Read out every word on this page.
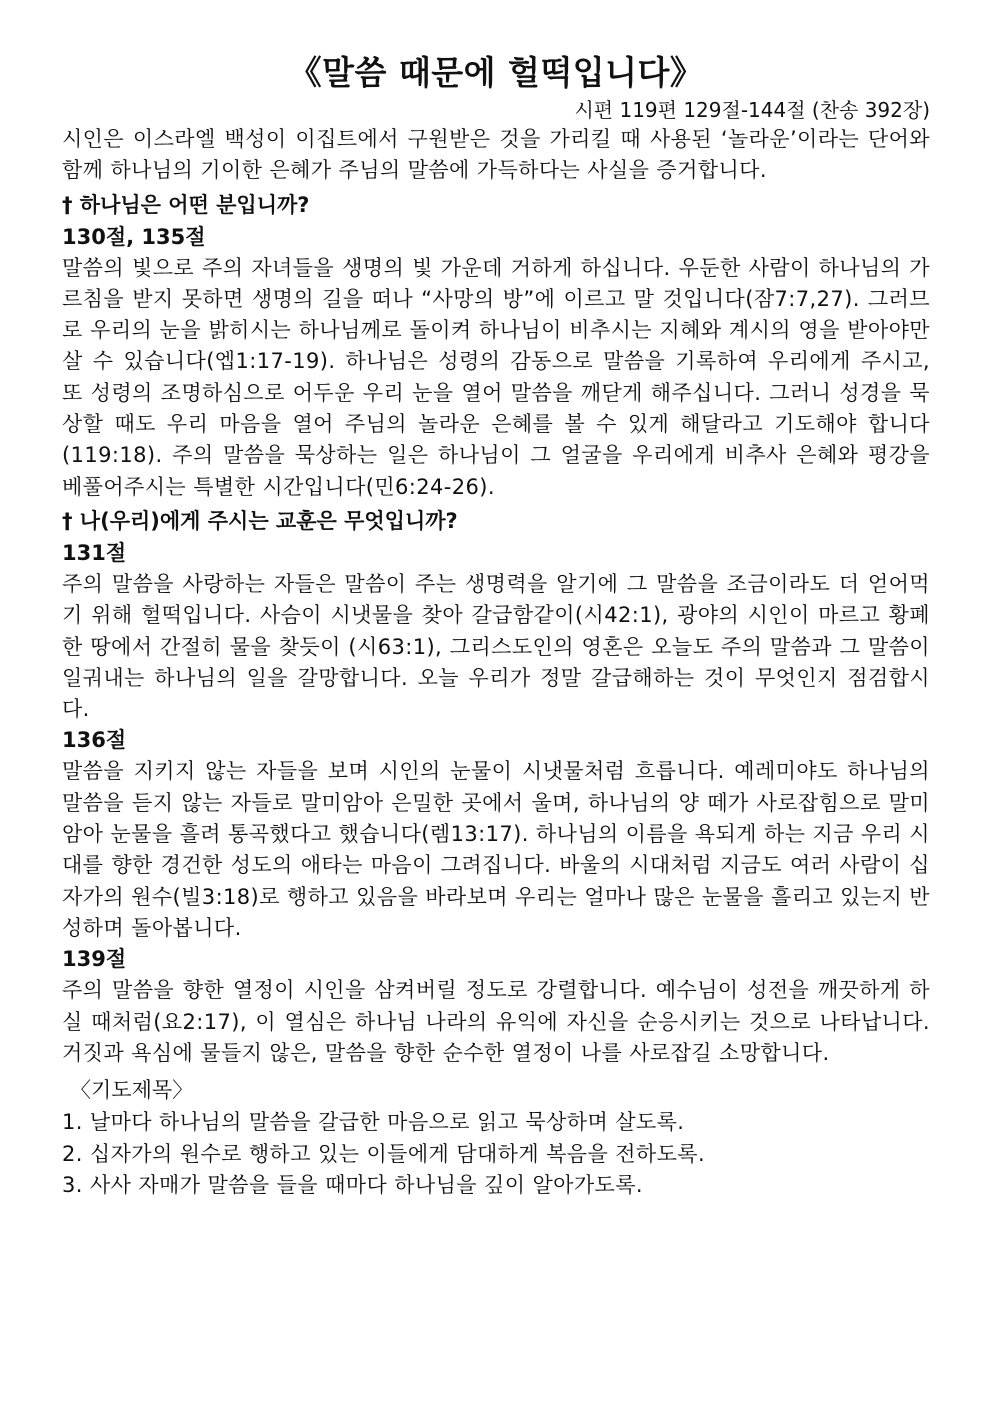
《말씀 때문에 헐떡입니다》
시편 119편 129절-144절 (찬송 392장)

시인은 이스라엘 백성이 이집트에서 구원받은 것을 가리킬 때 사용된 ‘놀라운’이라는 단어와 함께 하나님의 기이한 은혜가 주님의 말씀에 가득하다는 사실을 증거합니다.

† 하나님은 어떤 분입니까?
130절, 135절

말씀의 빛으로 주의 자녀들을 생명의 빛 가운데 거하게 하십니다. 우둔한 사람이 하나님의 가르침을 받지 못하면 생명의 길을 떠나 “사망의 방”에 이르고 말 것입니다(잠7:7,27). 그러므로 우리의 눈을 밝히시는 하나님께로 돌이켜 하나님이 비추시는 지혜와 계시의 영을 받아야만 살 수 있습니다(엡1:17-19). 하나님은 성령의 감동으로 말씀을 기록하여 우리에게 주시고, 또 성령의 조명하심으로 어두운 우리 눈을 열어 말씀을 깨닫게 해주십니다. 그러니 성경을 묵상할 때도 우리 마음을 열어 주님의 놀라운 은혜를 볼 수 있게 해달라고 기도해야 합니다(119:18). 주의 말씀을 묵상하는 일은 하나님이 그 얼굴을 우리에게 비추사 은혜와 평강을 베풀어주시는 특별한 시간입니다(민6:24-26).

† 나(우리)에게 주시는 교훈은 무엇입니까?
131절

주의 말씀을 사랑하는 자들은 말씀이 주는 생명력을 알기에 그 말씀을 조금이라도 더 얻어먹기 위해 헐떡입니다. 사슴이 시냇물을 찾아 갈급함같이(시42:1), 광야의 시인이 마르고 황폐한 땅에서 간절히 물을 찾듯이 (시63:1), 그리스도인의 영혼은 오늘도 주의 말씀과 그 말씀이 일궈내는 하나님의 일을 갈망합니다. 오늘 우리가 정말 갈급해하는 것이 무엇인지 점검합시다.

136절

말씀을 지키지 않는 자들을 보며 시인의 눈물이 시냇물처럼 흐릅니다. 예레미야도 하나님의 말씀을 듣지 않는 자들로 말미암아 은밀한 곳에서 울며, 하나님의 양 떼가 사로잡힘으로 말미암아 눈물을 흘려 통곡했다고 했습니다(렘13:17). 하나님의 이름을 욕되게 하는 지금 우리 시대를 향한 경건한 성도의 애타는 마음이 그려집니다. 바울의 시대처럼 지금도 여러 사람이 십자가의 원수(빌3:18)로 행하고 있음을 바라보며 우리는 얼마나 많은 눈물을 흘리고 있는지 반성하며 돌아봅니다.

139절

주의 말씀을 향한 열정이 시인을 삼켜버릴 정도로 강렬합니다. 예수님이 성전을 깨끗하게 하실 때처럼(요2:17), 이 열심은 하나님 나라의 유익에 자신을 순응시키는 것으로 나타납니다. 거짓과 욕심에 물들지 않은, 말씀을 향한 순수한 열정이 나를 사로잡길 소망합니다.

〈기도제목〉
1. 날마다 하나님의 말씀을 갈급한 마음으로 읽고 묵상하며 살도록.
2. 십자가의 원수로 행하고 있는 이들에게 담대하게 복음을 전하도록.
3. 사사 자매가 말씀을 들을 때마다 하나님을 깊이 알아가도록.
